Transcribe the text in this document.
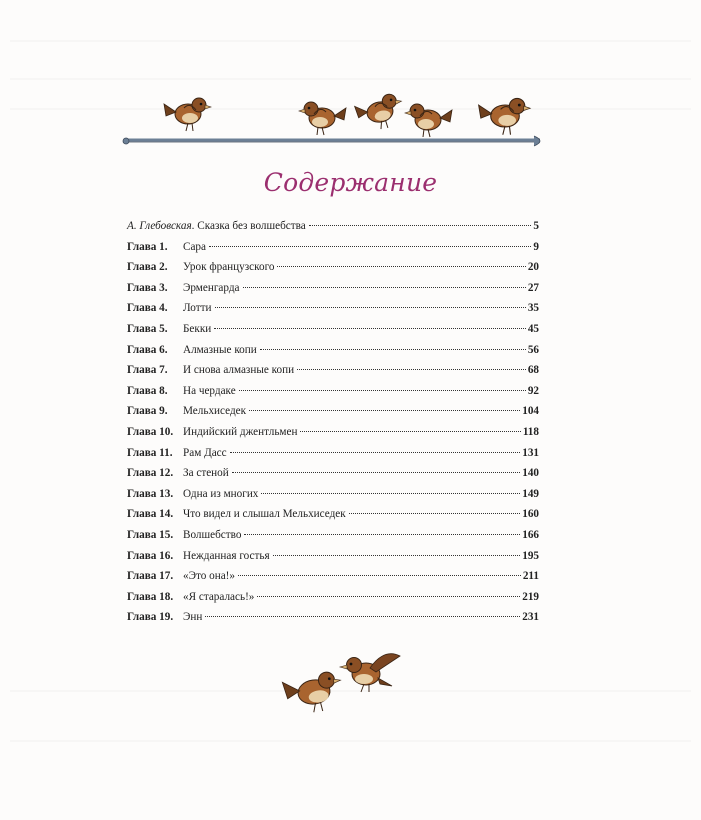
Содержание
А. Глебовская. Сказка без волшебства	5
Глава 1.	Сара	9
Глава 2.	Урок французского	20
Глава 3.	Эрменгарда	27
Глава 4.	Лотти	35
Глава 5.	Бекки	45
Глава 6.	Алмазные копи	56
Глава 7.	И снова алмазные копи	68
Глава 8.	На чердаке	92
Глава 9.	Мельхиседек	104
Глава 10. Индийский джентльмен	118
Глава 11. Рам Дасс	131
Глава 12. За стеной	140
Глава 13. Одна из многих	149
Глава 14. Что видел и слышал Мельхиседек	160
Глава 15. Волшебство	166
Глава 16. Нежданная гостья	195
Глава 17. «Это она!»	211
Глава 18. «Я старалась!»	219
Глава 19. Энн	231
